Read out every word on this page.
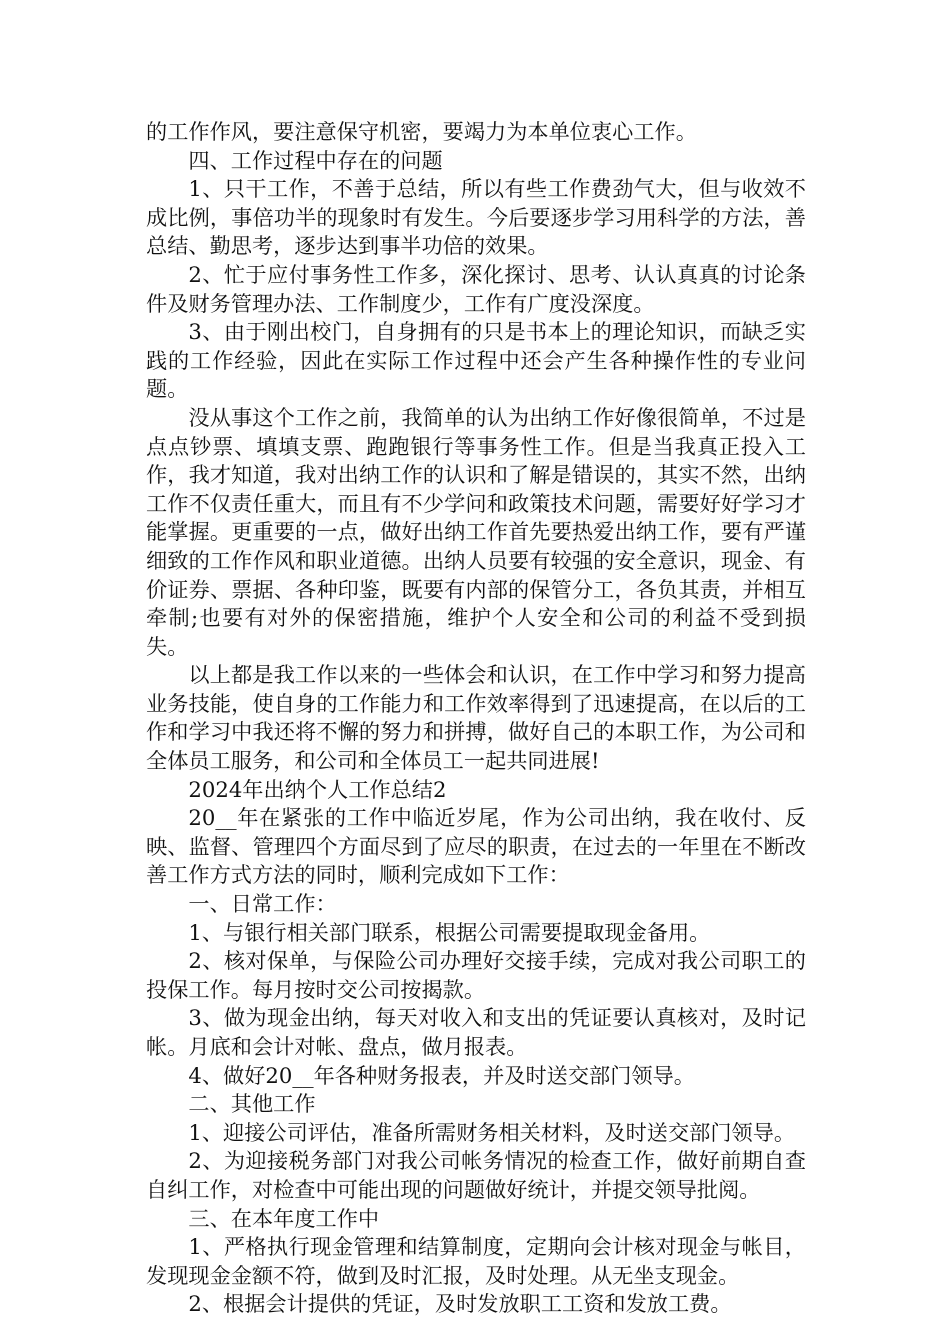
的工作作风，要注意保守机密，要竭力为本单位衷心工作。

四、工作过程中存在的问题

1、只干工作，不善于总结，所以有些工作费劲气大，但与收效不成比例，事倍功半的现象时有发生。今后要逐步学习用科学的方法，善总结、勤思考，逐步达到事半功倍的效果。

2、忙于应付事务性工作多，深化探讨、思考、认认真真的讨论条件及财务管理办法、工作制度少，工作有广度没深度。

3、由于刚出校门，自身拥有的只是书本上的理论知识，而缺乏实践的工作经验，因此在实际工作过程中还会产生各种操作性的专业问题。

没从事这个工作之前，我简单的认为出纳工作好像很简单，不过是点点钞票、填填支票、跑跑银行等事务性工作。但是当我真正投入工作，我才知道，我对出纳工作的认识和了解是错误的，其实不然，出纳工作不仅责任重大，而且有不少学问和政策技术问题，需要好好学习才能掌握。更重要的一点，做好出纳工作首先要热爱出纳工作，要有严谨细致的工作作风和职业道德。出纳人员要有较强的安全意识，现金、有价证券、票据、各种印鉴，既要有内部的保管分工，各负其责，并相互牵制;也要有对外的保密措施，维护个人安全和公司的利益不受到损失。

以上都是我工作以来的一些体会和认识，在工作中学习和努力提高业务技能，使自身的工作能力和工作效率得到了迅速提高，在以后的工作和学习中我还将不懈的努力和拼搏，做好自己的本职工作，为公司和全体员工服务，和公司和全体员工一起共同进展!

2024年出纳个人工作总结2

20__年在紧张的工作中临近岁尾，作为公司出纳，我在收付、反映、监督、管理四个方面尽到了应尽的职责，在过去的一年里在不断改善工作方式方法的同时，顺利完成如下工作：

一、日常工作：

1、与银行相关部门联系，根据公司需要提取现金备用。

2、核对保单，与保险公司办理好交接手续，完成对我公司职工的投保工作。每月按时交公司按揭款。

3、做为现金出纳，每天对收入和支出的凭证要认真核对，及时记帐。月底和会计对帐、盘点，做月报表。

4、做好20__年各种财务报表，并及时送交部门领导。

二、其他工作

1、迎接公司评估，准备所需财务相关材料，及时送交部门领导。

2、为迎接税务部门对我公司帐务情况的检查工作，做好前期自查自纠工作，对检查中可能出现的问题做好统计，并提交领导批阅。

三、在本年度工作中

1、严格执行现金管理和结算制度，定期向会计核对现金与帐目，发现现金金额不符，做到及时汇报，及时处理。从无坐支现金。

2、根据会计提供的凭证，及时发放职工工资和发放工费。
